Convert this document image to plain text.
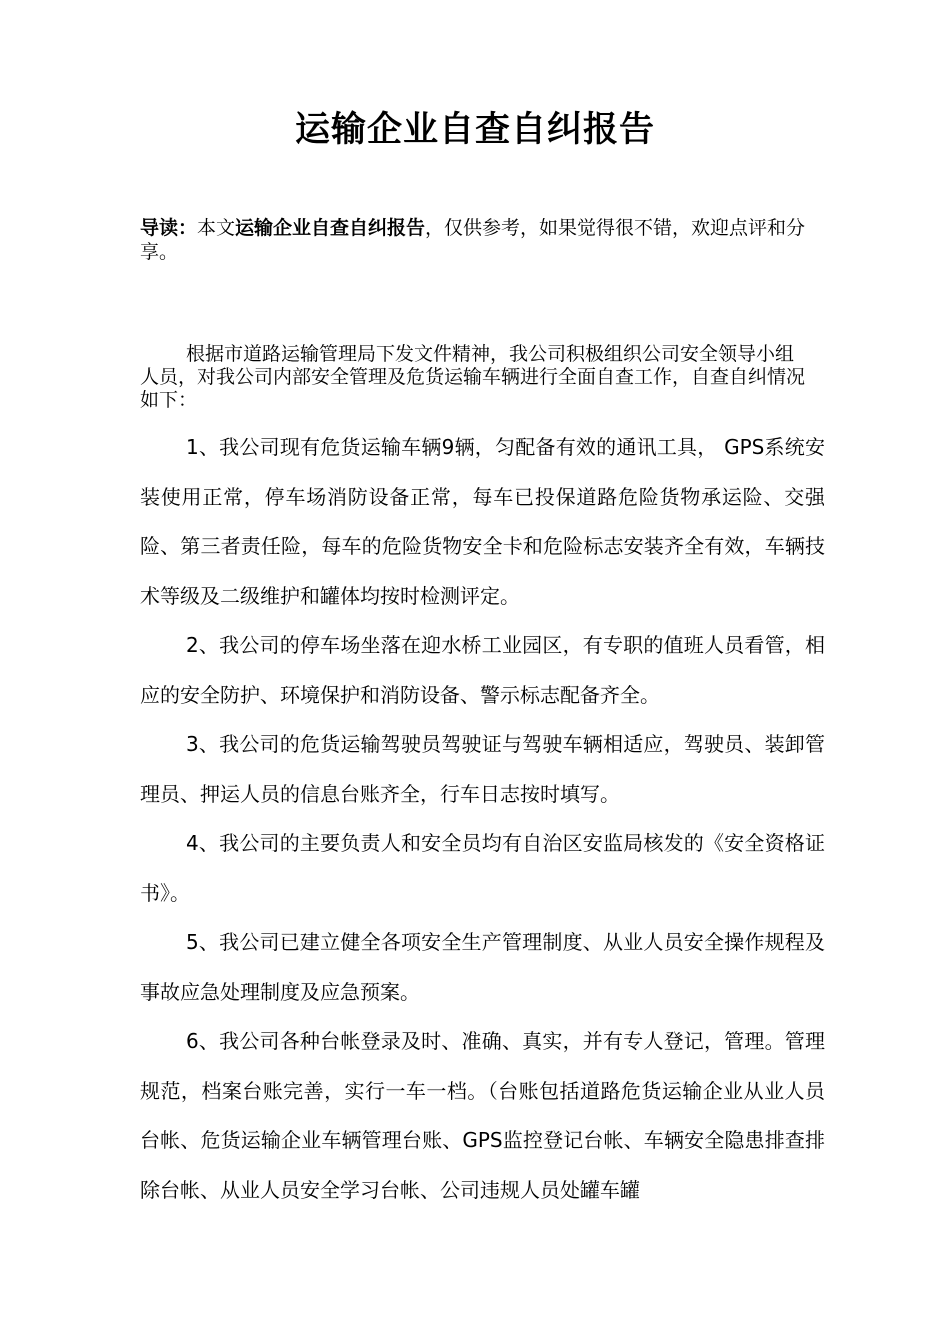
运输企业自查自纠报告
导读：本文运输企业自查自纠报告，仅供参考，如果觉得很不错，欢迎点评和分享。
根据市道路运输管理局下发文件精神，我公司积极组织公司安全领导小组人员，对我公司内部安全管理及危货运输车辆进行全面自查工作，自查自纠情况如下：

1、我公司现有危货运输车辆9辆，匀配备有效的通讯工具， GPS系统安装使用正常，停车场消防设备正常，每车已投保道路危险货物承运险、交强险、第三者责任险，每车的危险货物安全卡和危险标志安装齐全有效，车辆技术等级及二级维护和罐体均按时检测评定。

2、我公司的停车场坐落在迎水桥工业园区，有专职的值班人员看管，相应的安全防护、环境保护和消防设备、警示标志配备齐全。

3、我公司的危货运输驾驶员驾驶证与驾驶车辆相适应，驾驶员、装卸管理员、押运人员的信息台账齐全，行车日志按时填写。

4、我公司的主要负责人和安全员均有自治区安监局核发的《安全资格证书》。

5、我公司已建立健全各项安全生产管理制度、从业人员安全操作规程及事故应急处理制度及应急预案。

6、我公司各种台帐登录及时、准确、真实，并有专人登记，管理。管理规范，档案台账完善，实行一车一档。（台账包括道路危货运输企业从业人员台帐、危货运输企业车辆管理台账、GPS监控登记台帐、车辆安全隐患排查排除台帐、从业人员安全学习台帐、公司违规人员处罐车罐
